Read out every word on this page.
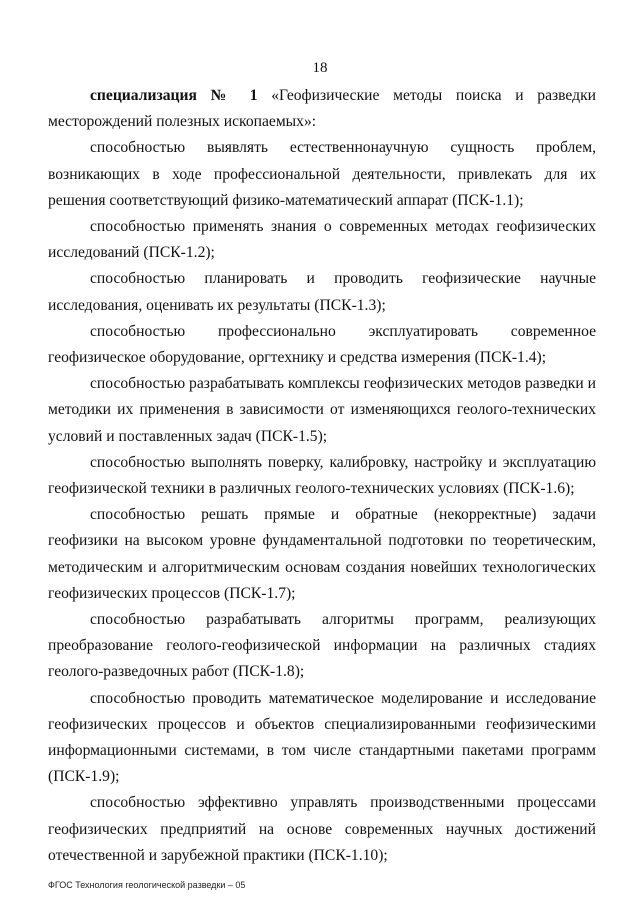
18

специализация № 1 «Геофизические методы поиска и разведки месторождений полезных ископаемых»:

способностью выявлять естественнонаучную сущность проблем, возникающих в ходе профессиональной деятельности, привлекать для их решения соответствующий физико-математический аппарат (ПСК-1.1);

способностью применять знания о современных методах геофизических исследований (ПСК-1.2);

способностью планировать и проводить геофизические научные исследования, оценивать их результаты (ПСК-1.3);

способностью профессионально эксплуатировать современное геофизическое оборудование, оргтехнику и средства измерения (ПСК-1.4);

способностью разрабатывать комплексы геофизических методов разведки и методики их применения в зависимости от изменяющихся геолого-технических условий и поставленных задач (ПСК-1.5);

способностью выполнять поверку, калибровку, настройку и эксплуатацию геофизической техники в различных геолого-технических условиях (ПСК-1.6);

способностью решать прямые и обратные (некорректные) задачи геофизики на высоком уровне фундаментальной подготовки по теоретическим, методическим и алгоритмическим основам создания новейших технологических геофизических процессов (ПСК-1.7);

способностью разрабатывать алгоритмы программ, реализующих преобразование геолого-геофизической информации на различных стадиях геолого-разведочных работ (ПСК-1.8);

способностью проводить математическое моделирование и исследование геофизических процессов и объектов специализированными геофизическими информационными системами, в том числе стандартными пакетами программ (ПСК-1.9);

способностью эффективно управлять производственными процессами геофизических предприятий на основе современных научных достижений отечественной и зарубежной практики (ПСК-1.10);

ФГОС Технология геологической разведки – 05
